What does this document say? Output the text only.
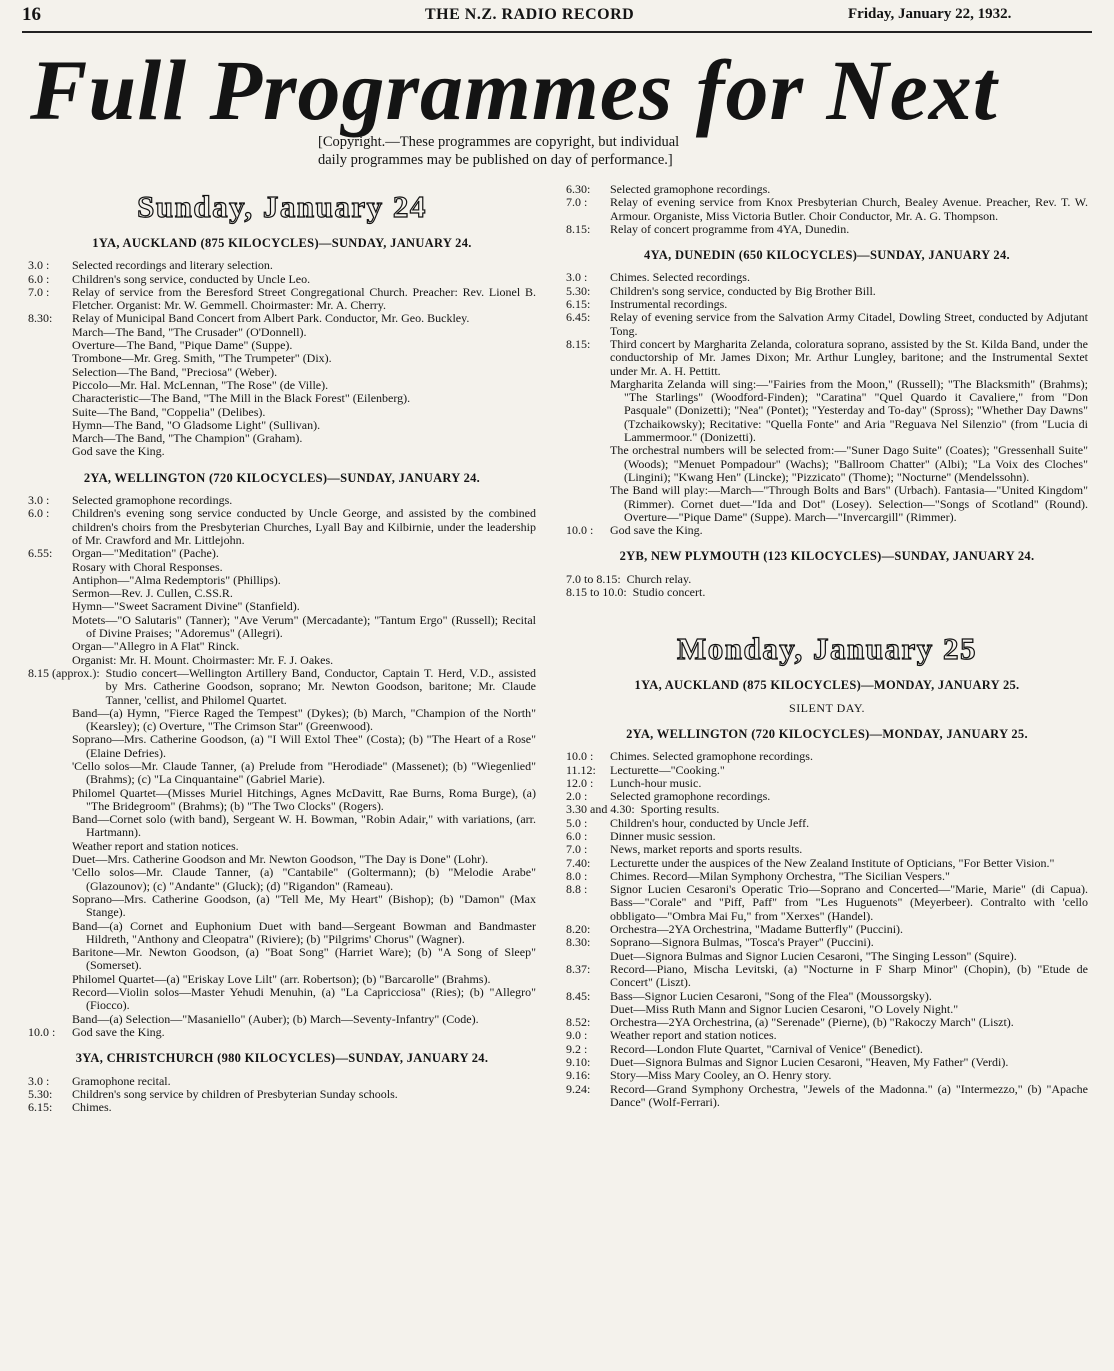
16	THE N.Z. RADIO RECORD	Friday, January 22, 1932.
Full Programmes for Next
[Copyright.—These programmes are copyright, but individual
daily programmes may be published on day of performance.]
Sunday, January 24
1YA, AUCKLAND (875 KILOCYCLES)—SUNDAY, JANUARY 24.
3.0 :	Selected recordings and literary selection.
6.0 :	Children's song service, conducted by Uncle Leo.
7.0 :	Relay of service from the Beresford Street Congregational Church. Preacher: Rev. Lionel B. Fletcher. Organist: Mr. W. Gemmell. Choirmaster: Mr. A. Cherry.
8.30:	Relay of Municipal Band Concert from Albert Park. Conductor, Mr. Geo. Buckley.
March—The Band, "The Crusader" (O'Donnell).
Overture—The Band, "Pique Dame" (Suppe).
Trombone—Mr. Greg. Smith, "The Trumpeter" (Dix).
Selection—The Band, "Preciosa" (Weber).
Piccolo—Mr. Hal. McLennan, "The Rose" (de Ville).
Characteristic—The Band, "The Mill in the Black Forest" (Eilenberg).
Suite—The Band, "Coppelia" (Delibes).
Hymn—The Band, "O Gladsome Light" (Sullivan).
March—The Band, "The Champion" (Graham).
God save the King.
2YA, WELLINGTON (720 KILOCYCLES)—SUNDAY, JANUARY 24.
3.0 :	Selected gramophone recordings.
6.0 :	Children's evening song service conducted by Uncle George, and assisted by the combined children's choirs from the Presbyterian Churches, Lyall Bay and Kilbirnie, under the leadership of Mr. Crawford and Mr. Littlejohn.
6.55:	Organ—"Meditation" (Pache).
Rosary with Choral Responses.
Antiphon—"Alma Redemptoris" (Phillips).
Sermon—Rev. J. Cullen, C.SS.R.
Hymn—"Sweet Sacrament Divine" (Stanfield).
Motets—"O Salutaris" (Tanner); "Ave Verum" (Mercadante); "Tantum Ergo" (Russell); Recital of Divine Praises; "Adoremus" (Allegri).
Organ—"Allegro in A Flat" Rinck.
Organist: Mr. H. Mount. Choirmaster: Mr. F. J. Oakes.
8.15 (approx.): Studio concert—Wellington Artillery Band, Conductor, Captain T. Herd, V.D., assisted by Mrs. Catherine Goodson, soprano; Mr. Newton Goodson, baritone; Mr. Claude Tanner, 'cellist, and Philomel Quartet.
Band—(a) Hymn, "Fierce Raged the Tempest" (Dykes); (b) March, "Champion of the North" (Kearsley); (c) Overture, "The Crimson Star" (Greenwood).
Soprano—Mrs. Catherine Goodson, (a) "I Will Extol Thee" (Costa); (b) "The Heart of a Rose" (Elaine Defries).
'Cello solos—Mr. Claude Tanner, (a) Prelude from "Herodiade" (Massenet); (b) "Wiegenlied" (Brahms); (c) "La Cinquantaine" (Gabriel Marie).
Philomel Quartet—(Misses Muriel Hitchings, Agnes McDavitt, Rae Burns, Roma Burge), (a) "The Bridegroom" (Brahms); (b) "The Two Clocks" (Rogers).
Band—Cornet solo (with band), Sergeant W. H. Bowman, "Robin Adair," with variations, (arr. Hartmann).
Weather report and station notices.
Duet—Mrs. Catherine Goodson and Mr. Newton Goodson, "The Day is Done" (Lohr).
'Cello solos—Mr. Claude Tanner, (a) "Cantabile" (Goltermann); (b) "Melodie Arabe" (Glazounov); (c) "Andante" (Gluck); (d) "Rigandon" (Rameau).
Soprano—Mrs. Catherine Goodson, (a) "Tell Me, My Heart" (Bishop); (b) "Damon" (Max Stange).
Band—(a) Cornet and Euphonium Duet with band—Sergeant Bowman and Bandmaster Hildreth, "Anthony and Cleopatra" (Riviere); (b) "Pilgrims' Chorus" (Wagner).
Baritone—Mr. Newton Goodson, (a) "Boat Song" (Harriet Ware); (b) "A Song of Sleep" (Somerset).
Philomel Quartet—(a) "Eriskay Love Lilt" (arr. Robertson); (b) "Barcarolle" (Brahms).
Record—Violin solos—Master Yehudi Menuhin, (a) "La Capricciosa" (Ries); (b) "Allegro" (Fiocco).
Band—(a) Selection—"Masaniello" (Auber); (b) March—Seventy-Infantry" (Code).
10.0 :	God save the King.
3YA, CHRISTCHURCH (980 KILOCYCLES)—SUNDAY, JANUARY 24.
3.0 :	Gramophone recital.
5.30:	Children's song service by children of Presbyterian Sunday schools.
6.15:	Chimes.
6.30:	Selected gramophone recordings.
7.0 :	Relay of evening service from Knox Presbyterian Church, Bealey Avenue. Preacher, Rev. T. W. Armour. Organiste, Miss Victoria Butler. Choir Conductor, Mr. A. G. Thompson.
8.15:	Relay of concert programme from 4YA, Dunedin.
4YA, DUNEDIN (650 KILOCYCLES)—SUNDAY, JANUARY 24.
3.0 :	Chimes. Selected recordings.
5.30:	Children's song service, conducted by Big Brother Bill.
6.15:	Instrumental recordings.
6.45:	Relay of evening service from the Salvation Army Citadel, Dowling Street, conducted by Adjutant Tong.
8.15:	Third concert by Margharita Zelanda, coloratura soprano, assisted by the St. Kilda Band, under the conductorship of Mr. James Dixon; Mr. Arthur Lungley, baritone; and the Instrumental Sextet under Mr. A. H. Pettitt.
Margharita Zelanda will sing:—"Fairies from the Moon," (Russell); "The Blacksmith" (Brahms); "The Starlings" (Woodford-Finden); "Caratina" "Quel Quardo it Cavaliere," from "Don Pasquale" (Donizetti); "Nea" (Pontet); "Yesterday and To-day" (Spross); "Whether Day Dawns" (Tzchaikowsky); Recitative: "Quella Fonte" and Aria "Reguava Nel Silenzio" (from "Lucia di Lammermoor." (Donizetti).
The orchestral numbers will be selected from:—"Suner Dago Suite" (Coates); "Gressenhall Suite" (Woods); "Menuet Pompadour" (Wachs); "Ballroom Chatter" (Albi); "La Voix des Cloches" (Lingini); "Kwang Hen" (Lincke); "Pizzicato" (Thome); "Nocturne" (Mendelssohn).
The Band will play:—March—"Through Bolts and Bars" (Urbach). Fantasia—"United Kingdom" (Rimmer). Cornet duet—"Ida and Dot" (Losey). Selection—"Songs of Scotland" (Round). Overture—"Pique Dame" (Suppe). March—"Invercargill" (Rimmer).
10.0 :	God save the King.
2YB, NEW PLYMOUTH (123 KILOCYCLES)—SUNDAY, JANUARY 24.
7.0 to 8.15: Church relay.
8.15 to 10.0: Studio concert.
Monday, January 25
1YA, AUCKLAND (875 KILOCYCLES)—MONDAY, JANUARY 25.
SILENT DAY.
2YA, WELLINGTON (720 KILOCYCLES)—MONDAY, JANUARY 25.
10.0 :	Chimes. Selected gramophone recordings.
11.12:	Lecturette—"Cooking."
12.0 :	Lunch-hour music.
2.0 :	Selected gramophone recordings.
3.30 and 4.30: Sporting results.
5.0 :	Children's hour, conducted by Uncle Jeff.
6.0 :	Dinner music session.
7.0 :	News, market reports and sports results.
7.40:	Lecturette under the auspices of the New Zealand Institute of Opticians, "For Better Vision."
8.0 :	Chimes. Record—Milan Symphony Orchestra, "The Sicilian Vespers."
8.8 :	Signor Lucien Cesaroni's Operatic Trio—Soprano and Concerted—"Marie, Marie" (di Capua). Bass—"Corale" and "Piff, Paff" from "Les Huguenots" (Meyerbeer). Contralto with 'cello obbligato—"Ombra Mai Fu," from "Xerxes" (Handel).
8.20:	Orchestra—2YA Orchestrina, "Madame Butterfly" (Puccini).
8.30:	Soprano—Signora Bulmas, "Tosca's Prayer" (Puccini).
Duet—Signora Bulmas and Signor Lucien Cesaroni, "The Singing Lesson" (Squire).
8.37:	Record—Piano, Mischa Levitski, (a) "Nocturne in F Sharp Minor" (Chopin), (b) "Etude de Concert" (Liszt).
8.45:	Bass—Signor Lucien Cesaroni, "Song of the Flea" (Moussorgsky).
Duet—Miss Ruth Mann and Signor Lucien Cesaroni, "O Lovely Night."
8.52:	Orchestra—2YA Orchestrina, (a) "Serenade" (Pierne), (b) "Rakoczy March" (Liszt).
9.0 :	Weather report and station notices.
9.2 :	Record—London Flute Quartet, "Carnival of Venice" (Benedict).
9.10:	Duet—Signora Bulmas and Signor Lucien Cesaroni, "Heaven, My Father" (Verdi).
9.16:	Story—Miss Mary Cooley, an O. Henry story.
9.24:	Record—Grand Symphony Orchestra, "Jewels of the Madonna." (a) "Intermezzo," (b) "Apache Dance" (Wolf-Ferrari).
